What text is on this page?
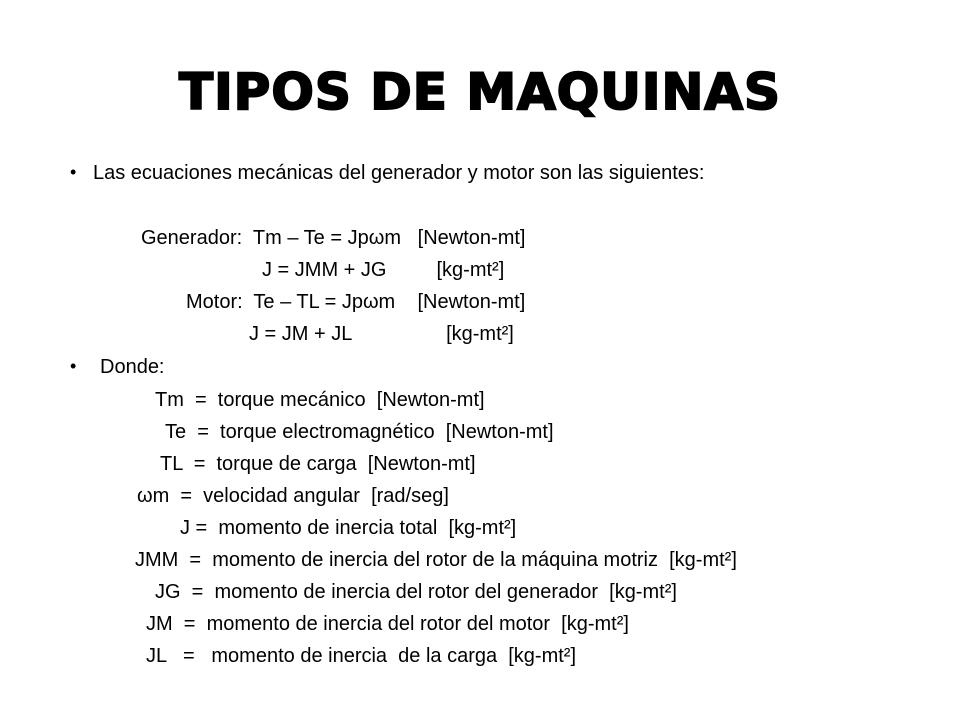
TIPOS DE MAQUINAS
• Las ecuaciones mecánicas del generador y motor son las siguientes:
Generador:  Tm – Te = Jpωm   [Newton-mt]
J = JMM + JG         [kg-mt²]
Motor:  Te – TL = Jpωm    [Newton-mt]
J = JM + JL                 [kg-mt²]
• Donde:
Tm  =  torque mecánico  [Newton-mt]
Te  =  torque electromagnético  [Newton-mt]
TL  =  torque de carga  [Newton-mt]
ωm  =  velocidad angular  [rad/seg]
J =  momento de inercia total  [kg-mt²]
JMM  =  momento de inercia del rotor de la máquina motriz  [kg-mt²]
JG  =  momento de inercia del rotor del generador  [kg-mt²]
JM  =  momento de inercia del rotor del motor  [kg-mt²]
JL   =   momento de inercia  de la carga  [kg-mt²]
